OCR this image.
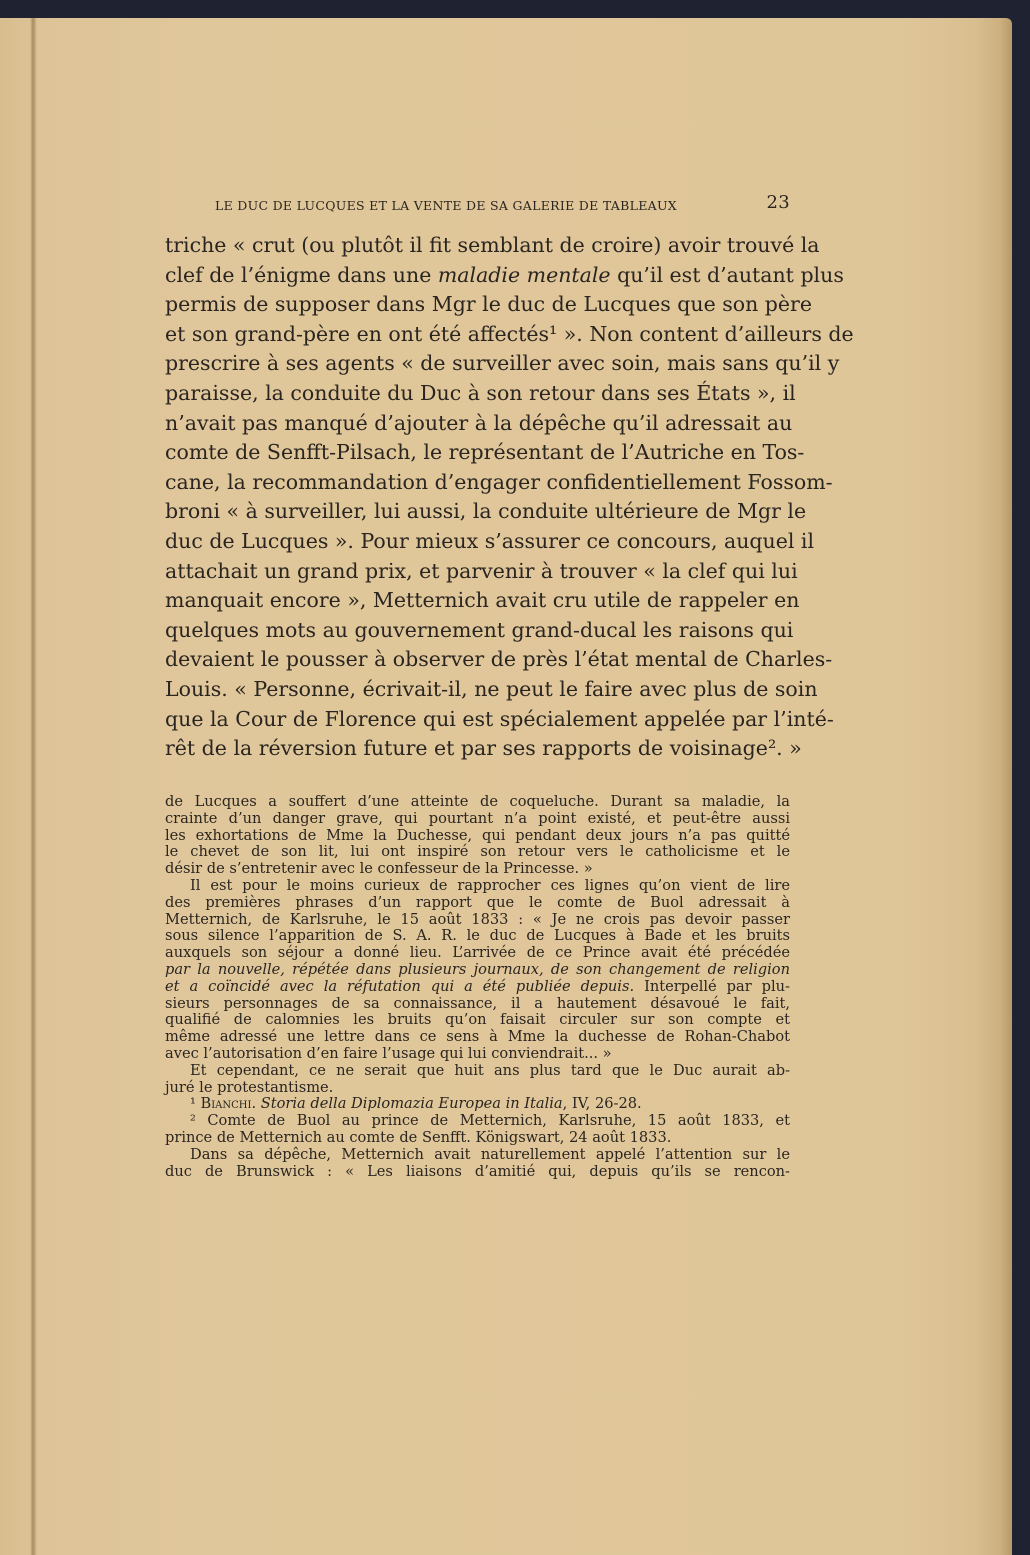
LE DUC DE LUCQUES ET LA VENTE DE SA GALERIE DE TABLEAUX	23
triche « crut (ou plutôt il fit semblant de croire) avoir trouvé la
clef de l’énigme dans une maladie mentale qu’il est d’autant plus
permis de supposer dans Mgr le duc de Lucques que son père
et son grand-père en ont été affectés¹ ». Non content d’ailleurs de
prescrire à ses agents « de surveiller avec soin, mais sans qu’il y
paraisse, la conduite du Duc à son retour dans ses États », il
n’avait pas manqué d’ajouter à la dépêche qu’il adressait au
comte de Senfft-Pilsach, le représentant de l’Autriche en Tos-
cane, la recommandation d’engager confidentiellement Fossom-
broni « à surveiller, lui aussi, la conduite ultérieure de Mgr le
duc de Lucques ». Pour mieux s’assurer ce concours, auquel il
attachait un grand prix, et parvenir à trouver « la clef qui lui
manquait encore », Metternich avait cru utile de rappeler en
quelques mots au gouvernement grand-ducal les raisons qui
devaient le pousser à observer de près l’état mental de Charles-
Louis. « Personne, écrivait-il, ne peut le faire avec plus de soin
que la Cour de Florence qui est spécialement appelée par l’inté-
rêt de la réversion future et par ses rapports de voisinage². »
de Lucques a souffert d’une atteinte de coqueluche. Durant sa maladie, la
crainte d’un danger grave, qui pourtant n’a point existé, et peut-être aussi
les exhortations de Mme la Duchesse, qui pendant deux jours n’a pas quitté
le chevet de son lit, lui ont inspiré son retour vers le catholicisme et le
désir de s’entretenir avec le confesseur de la Princesse. »
Il est pour le moins curieux de rapprocher ces lignes qu’on vient de lire
des premières phrases d’un rapport que le comte de Buol adressait à
Metternich, de Karlsruhe, le 15 août 1833 : « Je ne crois pas devoir passer
sous silence l’apparition de S. A. R. le duc de Lucques à Bade et les bruits
auxquels son séjour a donné lieu. L’arrivée de ce Prince avait été précédée
par la nouvelle, répétée dans plusieurs journaux, de son changement de religion
et a coïncidé avec la réfutation qui a été publiée depuis. Interpellé par plu-
sieurs personnages de sa connaissance, il a hautement désavoué le fait,
qualifié de calomnies les bruits qu’on faisait circuler sur son compte et
même adressé une lettre dans ce sens à Mme la duchesse de Rohan-Chabot
avec l’autorisation d’en faire l’usage qui lui conviendrait... »
Et cependant, ce ne serait que huit ans plus tard que le Duc aurait ab-
juré le protestantisme.
¹ Bianchi. Storia della Diplomazia Europea in Italia, IV, 26-28.
² Comte de Buol au prince de Metternich, Karlsruhe, 15 août 1833, et
prince de Metternich au comte de Senfft. Königswart, 24 août 1833.
Dans sa dépêche, Metternich avait naturellement appelé l’attention sur le
duc de Brunswick : « Les liaisons d’amitié qui, depuis qu’ils se rencon-
